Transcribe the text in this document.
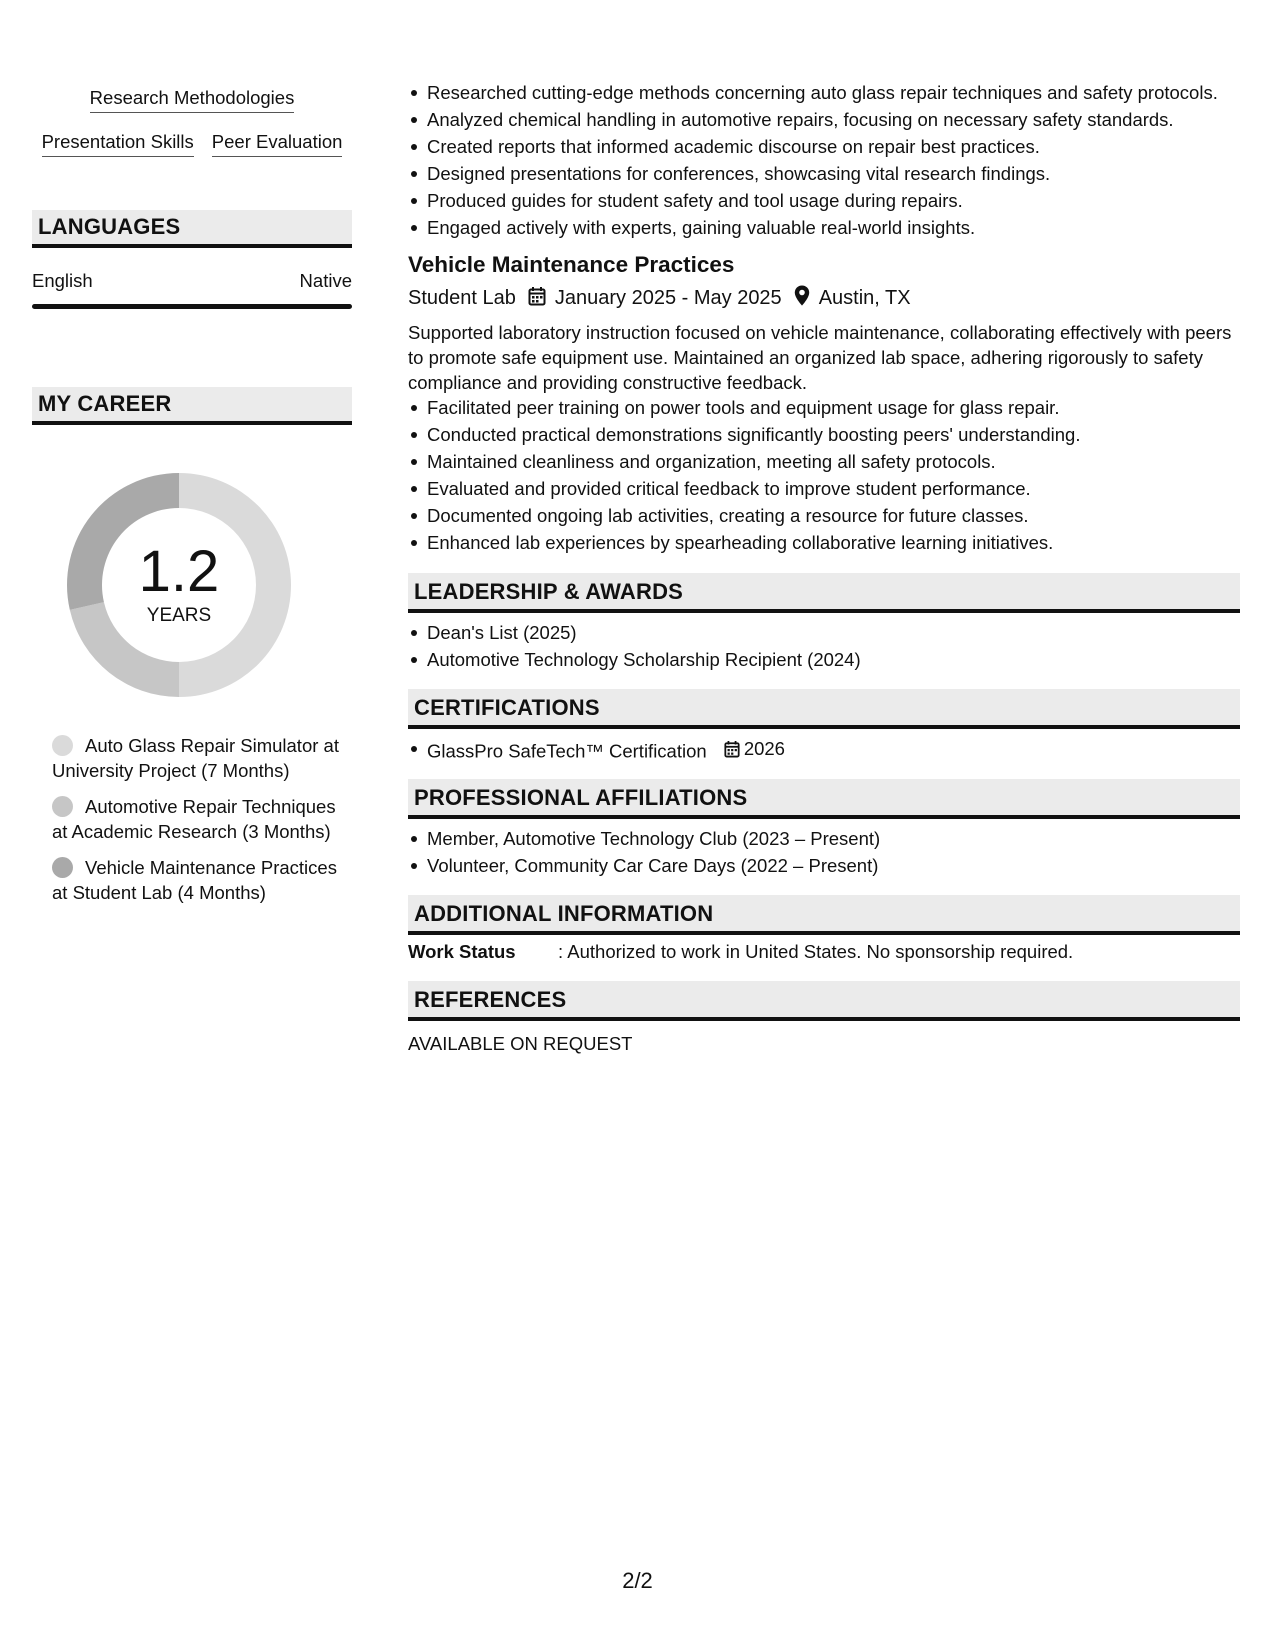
Research Methodologies
Presentation Skills Peer Evaluation
LANGUAGES
English	Native
MY CAREER
1.2
YEARS
Auto Glass Repair Simulator at University Project (7 Months)
Automotive Repair Techniques at Academic Research (3 Months)
Vehicle Maintenance Practices at Student Lab (4 Months)
Researched cutting-edge methods concerning auto glass repair techniques and safety protocols.
Analyzed chemical handling in automotive repairs, focusing on necessary safety standards.
Created reports that informed academic discourse on repair best practices.
Designed presentations for conferences, showcasing vital research findings.
Produced guides for student safety and tool usage during repairs.
Engaged actively with experts, gaining valuable real-world insights.
Vehicle Maintenance Practices
Student Lab January 2025 - May 2025 Austin, TX
Supported laboratory instruction focused on vehicle maintenance, collaborating effectively with peers to promote safe equipment use. Maintained an organized lab space, adhering rigorously to safety compliance and providing constructive feedback.
Facilitated peer training on power tools and equipment usage for glass repair.
Conducted practical demonstrations significantly boosting peers' understanding.
Maintained cleanliness and organization, meeting all safety protocols.
Evaluated and provided critical feedback to improve student performance.
Documented ongoing lab activities, creating a resource for future classes.
Enhanced lab experiences by spearheading collaborative learning initiatives.
LEADERSHIP & AWARDS
Dean's List (2025)
Automotive Technology Scholarship Recipient (2024)
CERTIFICATIONS
GlassPro SafeTech™ Certification 2026
PROFESSIONAL AFFILIATIONS
Member, Automotive Technology Club (2023 – Present)
Volunteer, Community Car Care Days (2022 – Present)
ADDITIONAL INFORMATION
Work Status	: Authorized to work in United States. No sponsorship required.
REFERENCES
AVAILABLE ON REQUEST
2/2
